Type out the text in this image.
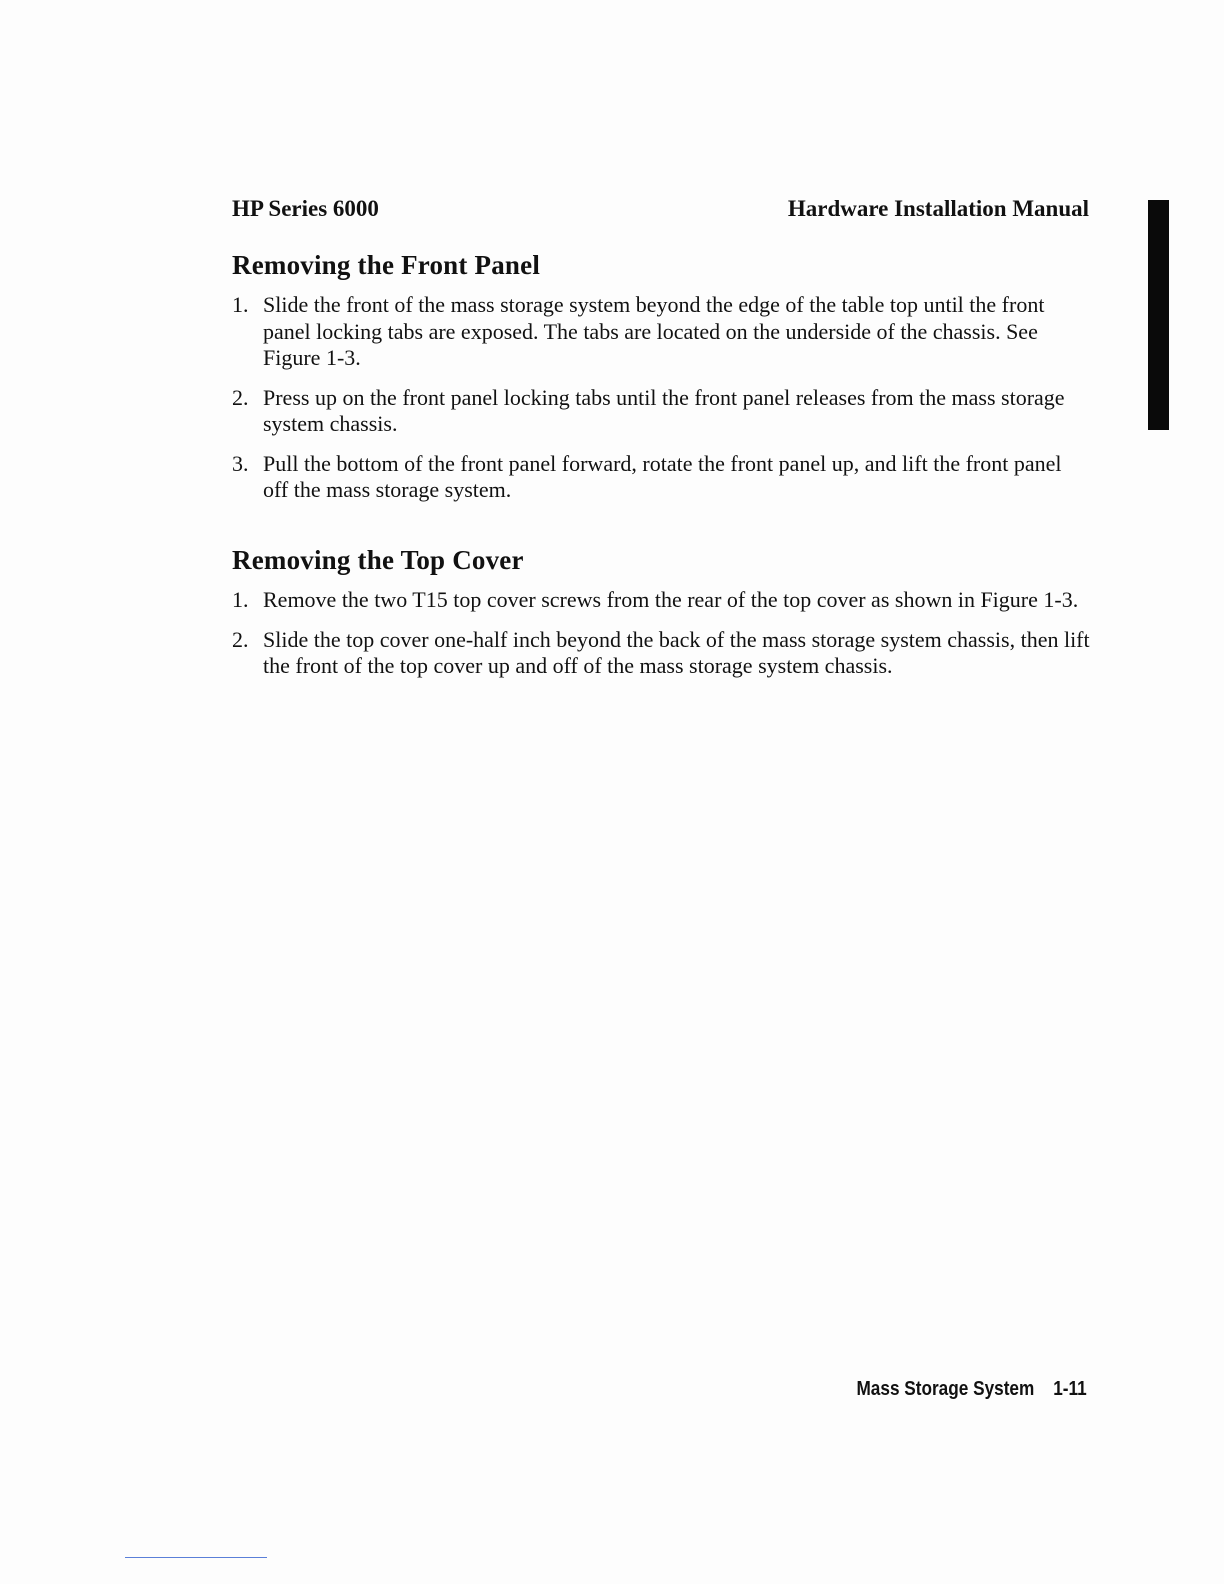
HP Series 6000	Hardware Installation Manual
Removing the Front Panel
1. Slide the front of the mass storage system beyond the edge of the table top until the front panel locking tabs are exposed. The tabs are located on the underside of the chassis. See Figure 1-3.
2. Press up on the front panel locking tabs until the front panel releases from the mass storage system chassis.
3. Pull the bottom of the front panel forward, rotate the front panel up, and lift the front panel off the mass storage system.
Removing the Top Cover
1. Remove the two T15 top cover screws from the rear of the top cover as shown in Figure 1-3.
2. Slide the top cover one-half inch beyond the back of the mass storage system chassis, then lift the front of the top cover up and off of the mass storage system chassis.
Mass Storage System 1-11
